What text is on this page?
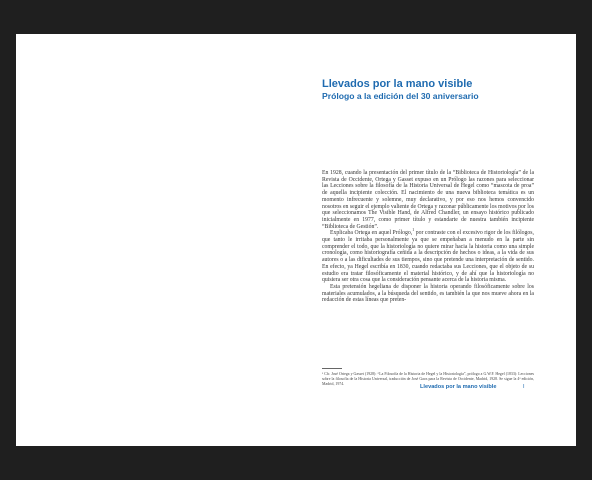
Llevados por la mano visible
Prólogo a la edición del 30 aniversario

En 1928, cuando la presentación del primer título de la “Biblioteca de Historiología” de la Revista de Occidente, Ortega y Gasset expuso en un Prólogo las razones para seleccionar las Lecciones sobre la filosofía de la Historia Universal de Hegel como “mascota de proa” de aquella incipiente colección. El nacimiento de una nueva biblioteca temática es un momento infrecuente y solemne, muy declarativo, y por eso nos hemos convencido nosotros en seguir el ejemplo valiente de Ortega y razonar públicamente los motivos por los que seleccionamos The Visible Hand, de Alfred Chandler, un ensayo histórico publicado inicialmente en 1977, como primer título y estandarte de nuestra también incipiente “Biblioteca de Gestión”.

Explicaba Ortega en aquel Prólogo,$^1$ por contraste con el excesivo rigor de los filólogos, que tanto le irritaba personalmente ya que se empeñaban a menudo en la parte sin comprender el todo, que la historiología no quiere mirar hacia la historia como una simple cronología, como historiografía ceñida a la descripción de hechos o ideas, a la vida de sus autores o a las dificultades de sus tiempos, sino que pretende una interpretación de sentido. En efecto, ya Hegel escribía en 1830, cuando redactaba sus Lecciones, que el objeto de su estudio era tratar filosóficamente el material histórico, y de ahí que la historiología no quisiera ser otra cosa que la consideración pensante acerca de la historia misma.

Esta pretensión hegeliana de disponer la historia operando filosóficamente sobre los materiales acumulados, a la búsqueda del sentido, es también la que nos mueve ahora en la redacción de estas líneas que preten-

¹ Cfr. José Ortega y Gasset (1928): “La Filosofía de la Historia de Hegel y la Historiología”, prólogo a G.W.F. Hegel (1833): Lecciones sobre la filosofía de la Historia Universal, traducción de José Gaos para la Revista de Occidente, Madrid, 1928. Se sigue la 4ª edición, Madrid, 1974.	Llevados por la mano visible	I
